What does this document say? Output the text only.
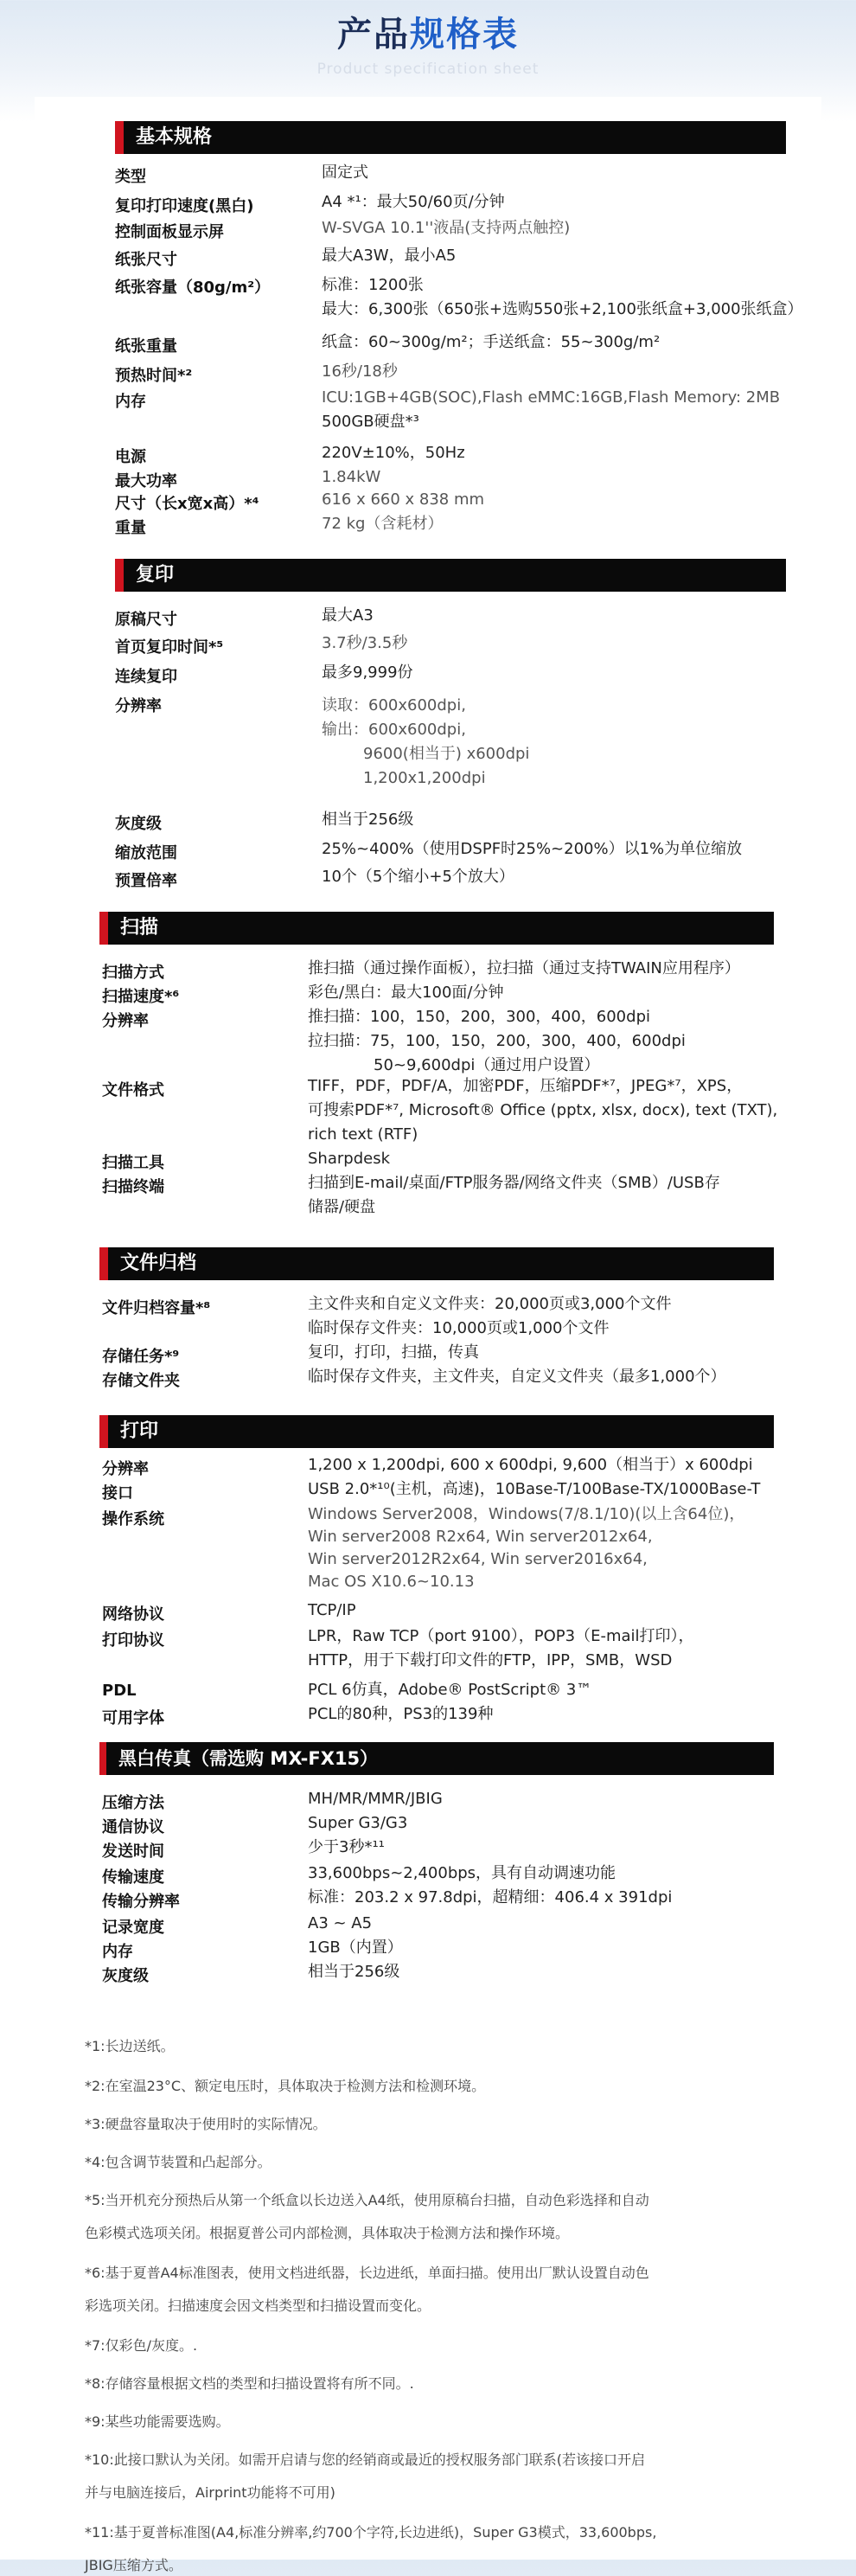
产品规格表
Product specification sheet
基本规格
类型	固定式
复印打印速度(黑白)	A4 *¹：最大50/60页/分钟
控制面板显示屏	W-SVGA 10.1''液晶(支持两点触控)
纸张尺寸	最大A3W，最小A5
纸张容量（80g/m²）	标准：1200张
最大：6,300张（650张+选购550张+2,100张纸盒+3,000张纸盒）
纸张重量	纸盒：60~300g/m²；手送纸盒：55~300g/m²
预热时间*²	16秒/18秒
内存	ICU:1GB+4GB(SOC),Flash eMMC:16GB,Flash Memory: 2MB
500GB硬盘*³
电源	220V±10%，50Hz
最大功率	1.84kW
尺寸（长x宽x高）*⁴	616 x 660 x 838 mm
重量	72 kg（含耗材）
复印
原稿尺寸	最大A3
首页复印时间*⁵	3.7秒/3.5秒
连续复印	最多9,999份
分辨率	读取：600x600dpi,
输出：600x600dpi,
9600(相当于) x600dpi
1,200x1,200dpi
灰度级	相当于256级
缩放范围	25%~400%（使用DSPF时25%~200%）以1%为单位缩放
预置倍率	10个（5个缩小+5个放大）
扫描
扫描方式	推扫描（通过操作面板），拉扫描（通过支持TWAIN应用程序）
扫描速度*⁶	彩色/黑白：最大100面/分钟
分辨率	推扫描：100，150，200，300，400，600dpi
拉扫描：75，100，150，200，300，400，600dpi
50~9,600dpi（通过用户设置）
文件格式	TIFF，PDF，PDF/A，加密PDF，压缩PDF*⁷，JPEG*⁷，XPS，
可搜索PDF*⁷, Microsoft® Office (pptx, xlsx, docx), text (TXT),
rich text (RTF)
扫描工具	Sharpdesk
扫描终端	扫描到E-mail/桌面/FTP服务器/网络文件夹（SMB）/USB存
储器/硬盘
文件归档
文件归档容量*⁸	主文件夹和自定义文件夹：20,000页或3,000个文件
临时保存文件夹：10,000页或1,000个文件
存储任务*⁹	复印，打印，扫描，传真
存储文件夹	临时保存文件夹，主文件夹，自定义文件夹（最多1,000个）
打印
分辨率	1,200 x 1,200dpi, 600 x 600dpi, 9,600（相当于）x 600dpi
接口	USB 2.0*¹⁰(主机，高速)，10Base-T/100Base-TX/1000Base-T
操作系统	Windows Server2008，Windows(7/8.1/10)(以上含64位)，
Win server2008 R2x64, Win server2012x64,
Win server2012R2x64, Win server2016x64,
Mac OS X10.6~10.13
网络协议	TCP/IP
打印协议	LPR，Raw TCP（port 9100），POP3（E-mail打印），
HTTP，用于下载打印文件的FTP，IPP，SMB，WSD
PDL	PCL 6仿真，Adobe® PostScript® 3™
可用字体	PCL的80种，PS3的139种
黑白传真（需选购 MX-FX15）
压缩方法	MH/MR/MMR/JBIG
通信协议	Super G3/G3
发送时间	少于3秒*¹¹
传输速度	33,600bps~2,400bps，具有自动调速功能
传输分辨率	标准：203.2 x 97.8dpi，超精细：406.4 x 391dpi
记录宽度	A3 ~ A5
内存	1GB（内置）
灰度级	相当于256级
*1:长边送纸。
*2:在室温23°C、额定电压时，具体取决于检测方法和检测环境。
*3:硬盘容量取决于使用时的实际情况。
*4:包含调节装置和凸起部分。
*5:当开机充分预热后从第一个纸盒以长边送入A4纸，使用原稿台扫描，自动色彩选择和自动
色彩模式选项关闭。根据夏普公司内部检测，具体取决于检测方法和操作环境。
*6:基于夏普A4标准图表，使用文档进纸器，长边进纸，单面扫描。使用出厂默认设置自动色
彩选项关闭。扫描速度会因文档类型和扫描设置而变化。
*7:仅彩色/灰度。.
*8:存储容量根据文档的类型和扫描设置将有所不同。.
*9:某些功能需要选购。
*10:此接口默认为关闭。如需开启请与您的经销商或最近的授权服务部门联系(若该接口开启
并与电脑连接后，Airprint功能将不可用)
*11:基于夏普标准图(A4,标准分辨率,约700个字符,长边进纸)，Super G3模式，33,600bps,
JBIG压缩方式。
